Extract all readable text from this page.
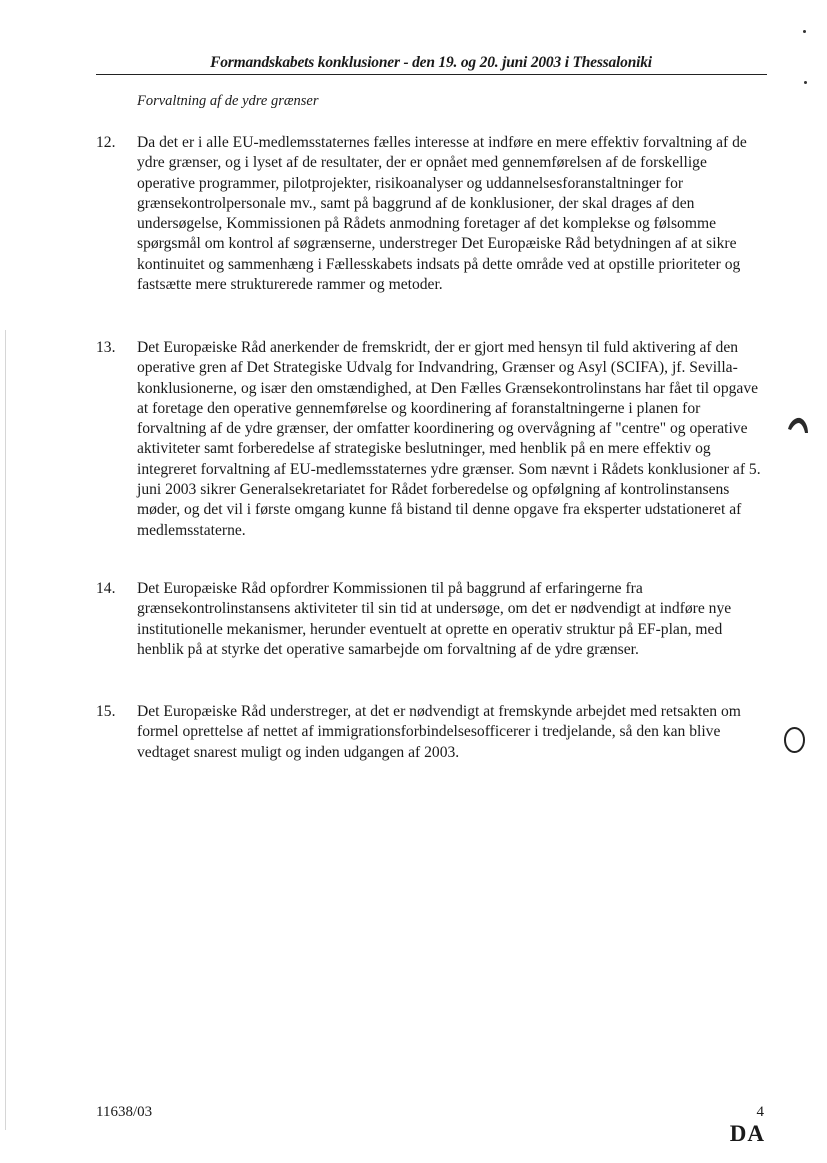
Formandskabets konklusioner - den 19. og 20. juni 2003 i Thessaloniki
Forvaltning af de ydre grænser
12.	Da det er i alle EU-medlemsstaternes fælles interesse at indføre en mere effektiv forvaltning af de ydre grænser, og i lyset af de resultater, der er opnået med gennemførelsen af de forskellige operative programmer, pilotprojekter, risikoanalyser og uddannelsesforanstaltninger for grænsekontrolpersonale mv., samt på baggrund af de konklusioner, der skal drages af den undersøgelse, Kommissionen på Rådets anmodning foretager af det komplekse og følsomme spørgsmål om kontrol af søgrænserne, understreger Det Europæiske Råd betydningen af at sikre kontinuitet og sammenhæng i Fællesskabets indsats på dette område ved at opstille prioriteter og fastsætte mere strukturerede rammer og metoder.
13.	Det Europæiske Råd anerkender de fremskridt, der er gjort med hensyn til fuld aktivering af den operative gren af Det Strategiske Udvalg for Indvandring, Grænser og Asyl (SCIFA), jf. Sevilla-konklusionerne, og især den omstændighed, at Den Fælles Grænsekontrolinstans har fået til opgave at foretage den operative gennemførelse og koordinering af foranstaltningerne i planen for forvaltning af de ydre grænser, der omfatter koordinering og overvågning af "centre" og operative aktiviteter samt forberedelse af strategiske beslutninger, med henblik på en mere effektiv og integreret forvaltning af EU-medlemsstaternes ydre grænser. Som nævnt i Rådets konklusioner af 5. juni 2003 sikrer Generalsekretariatet for Rådet forberedelse og opfølgning af kontrolinstansens møder, og det vil i første omgang kunne få bistand til denne opgave fra eksperter udstationeret af medlemsstaterne.
14.	Det Europæiske Råd opfordrer Kommissionen til på baggrund af erfaringerne fra grænsekontrolinstansens aktiviteter til sin tid at undersøge, om det er nødvendigt at indføre nye institutionelle mekanismer, herunder eventuelt at oprette en operativ struktur på EF-plan, med henblik på at styrke det operative samarbejde om forvaltning af de ydre grænser.
15.	Det Europæiske Råd understreger, at det er nødvendigt at fremskynde arbejdet med retsakten om formel oprettelse af nettet af immigrationsforbindelsesofficerer i tredjelande, så den kan blive vedtaget snarest muligt og inden udgangen af 2003.
11638/03	4
DA
